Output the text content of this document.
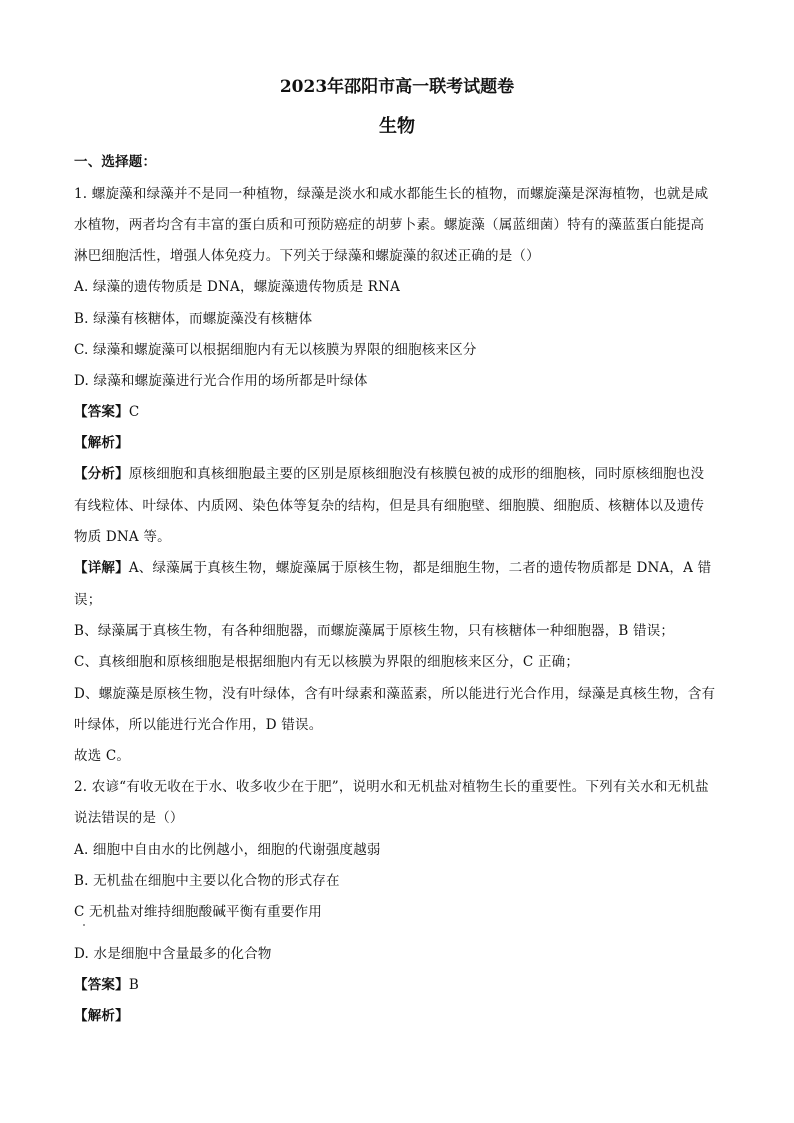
2023年邵阳市高一联考试题卷
生物
一、选择题：
1. 螺旋藻和绿藻并不是同一种植物，绿藻是淡水和咸水都能生长的植物，而螺旋藻是深海植物，也就是咸
水植物，两者均含有丰富的蛋白质和可预防癌症的胡萝卜素。螺旋藻（属蓝细菌）特有的藻蓝蛋白能提高
淋巴细胞活性，增强人体免疫力。下列关于绿藻和螺旋藻的叙述正确的是（）
A. 绿藻的遗传物质是 DNA，螺旋藻遗传物质是 RNA
B. 绿藻有核糖体，而螺旋藻没有核糖体
C. 绿藻和螺旋藻可以根据细胞内有无以核膜为界限的细胞核来区分
D. 绿藻和螺旋藻进行光合作用的场所都是叶绿体
【答案】C
【解析】
【分析】原核细胞和真核细胞最主要的区别是原核细胞没有核膜包被的成形的细胞核，同时原核细胞也没
有线粒体、叶绿体、内质网、染色体等复杂的结构，但是具有细胞壁、细胞膜、细胞质、核糖体以及遗传
物质 DNA 等。
【详解】A、绿藻属于真核生物，螺旋藻属于原核生物，都是细胞生物，二者的遗传物质都是 DNA，A 错
误；
B、绿藻属于真核生物，有各种细胞器，而螺旋藻属于原核生物，只有核糖体一种细胞器，B 错误；
C、真核细胞和原核细胞是根据细胞内有无以核膜为界限的细胞核来区分，C 正确；
D、螺旋藻是原核生物，没有叶绿体，含有叶绿素和藻蓝素，所以能进行光合作用，绿藻是真核生物，含有
叶绿体，所以能进行光合作用，D 错误。
故选 C。
2. 农谚“有收无收在于水、收多收少在于肥”，说明水和无机盐对植物生长的重要性。下列有关水和无机盐
说法错误的是（）
A. 细胞中自由水的比例越小，细胞的代谢强度越弱
B. 无机盐在细胞中主要以化合物的形式存在
C 无机盐对维持细胞酸碱平衡有重要作用
D. 水是细胞中含量最多的化合物
【答案】B
【解析】
